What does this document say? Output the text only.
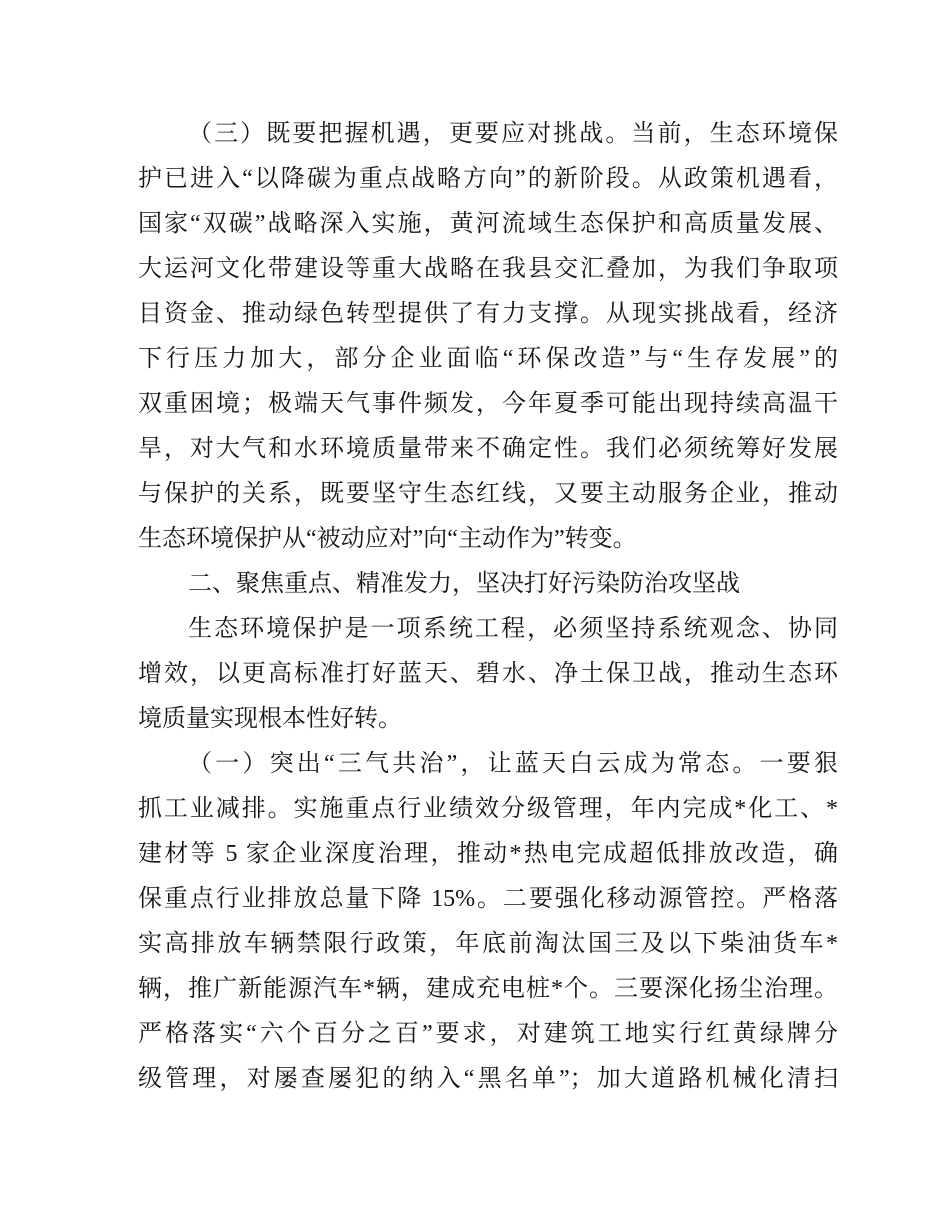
（三）既要把握机遇，更要应对挑战。当前，生态环境保
护已进入“以降碳为重点战略方向”的新阶段。从政策机遇看，
国家“双碳”战略深入实施，黄河流域生态保护和高质量发展、
大运河文化带建设等重大战略在我县交汇叠加，为我们争取项
目资金、推动绿色转型提供了有力支撑。从现实挑战看，经济
下行压力加大，部分企业面临“环保改造”与“生存发展”的
双重困境；极端天气事件频发，今年夏季可能出现持续高温干
旱，对大气和水环境质量带来不确定性。我们必须统筹好发展
与保护的关系，既要坚守生态红线，又要主动服务企业，推动
生态环境保护从“被动应对”向“主动作为”转变。
二、聚焦重点、精准发力，坚决打好污染防治攻坚战
生态环境保护是一项系统工程，必须坚持系统观念、协同
增效，以更高标准打好蓝天、碧水、净土保卫战，推动生态环
境质量实现根本性好转。
（一）突出“三气共治”，让蓝天白云成为常态。一要狠
抓工业减排。实施重点行业绩效分级管理，年内完成*化工、*
建材等 5 家企业深度治理，推动*热电完成超低排放改造，确
保重点行业排放总量下降 15%。二要强化移动源管控。严格落
实高排放车辆禁限行政策，年底前淘汰国三及以下柴油货车*
辆，推广新能源汽车*辆，建成充电桩*个。三要深化扬尘治理。
严格落实“六个百分之百”要求，对建筑工地实行红黄绿牌分
级管理，对屡查屡犯的纳入“黑名单”；加大道路机械化清扫
